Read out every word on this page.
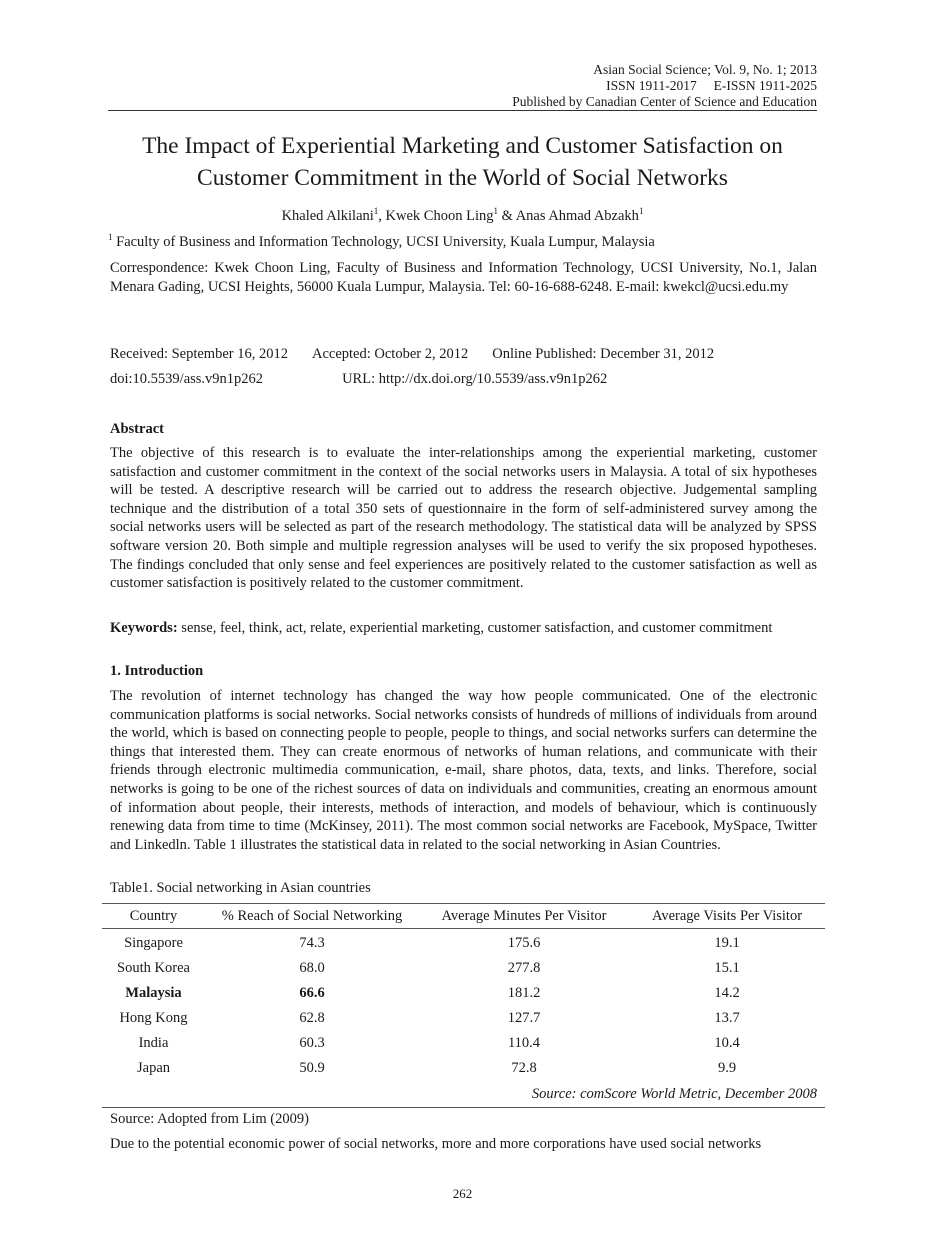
Asian Social Science; Vol. 9, No. 1; 2013
ISSN 1911-2017     E-ISSN 1911-2025
Published by Canadian Center of Science and Education
The Impact of Experiential Marketing and Customer Satisfaction on Customer Commitment in the World of Social Networks
Khaled Alkilani$^1$, Kwek Choon Ling$^1$ & Anas Ahmad Abzakh$^1$
$^1$ Faculty of Business and Information Technology, UCSI University, Kuala Lumpur, Malaysia
Correspondence: Kwek Choon Ling, Faculty of Business and Information Technology, UCSI University, No.1, Jalan Menara Gading, UCSI Heights, 56000 Kuala Lumpur, Malaysia. Tel: 60-16-688-6248. E-mail: kwekcl@ucsi.edu.my
Received: September 16, 2012 Accepted: October 2, 2012 Online Published: December 31, 2012
doi:10.5539/ass.v9n1p262	URL: http://dx.doi.org/10.5539/ass.v9n1p262
Abstract
The objective of this research is to evaluate the inter-relationships among the experiential marketing, customer satisfaction and customer commitment in the context of the social networks users in Malaysia. A total of six hypotheses will be tested. A descriptive research will be carried out to address the research objective. Judgemental sampling technique and the distribution of a total 350 sets of questionnaire in the form of self-administered survey among the social networks users will be selected as part of the research methodology. The statistical data will be analyzed by SPSS software version 20. Both simple and multiple regression analyses will be used to verify the six proposed hypotheses. The findings concluded that only sense and feel experiences are positively related to the customer satisfaction as well as customer satisfaction is positively related to the customer commitment.
Keywords: sense, feel, think, act, relate, experiential marketing, customer satisfaction, and customer commitment
1. Introduction
The revolution of internet technology has changed the way how people communicated. One of the electronic communication platforms is social networks. Social networks consists of hundreds of millions of individuals from around the world, which is based on connecting people to people, people to things, and social networks surfers can determine the things that interested them. They can create enormous of networks of human relations, and communicate with their friends through electronic multimedia communication, e-mail, share photos, data, texts, and links. Therefore, social networks is going to be one of the richest sources of data on individuals and communities, creating an enormous amount of information about people, their interests, methods of interaction, and models of behaviour, which is continuously renewing data from time to time (McKinsey, 2011). The most common social networks are Facebook, MySpace, Twitter and Linkedln. Table 1 illustrates the statistical data in related to the social networking in Asian Countries.
Table1. Social networking in Asian countries
Country	% Reach of Social Networking	Average Minutes Per Visitor	Average Visits Per Visitor
Singapore	74.3	175.6	19.1
South Korea	68.0	277.8	15.1
Malaysia	66.6	181.2	14.2
Hong Kong	62.8	127.7	13.7
India	60.3	110.4	10.4
Japan	50.9	72.8	9.9
Source: comScore World Metric, December 2008			
Source: Adopted from Lim (2009)
Due to the potential economic power of social networks, more and more corporations have used social networks
262
